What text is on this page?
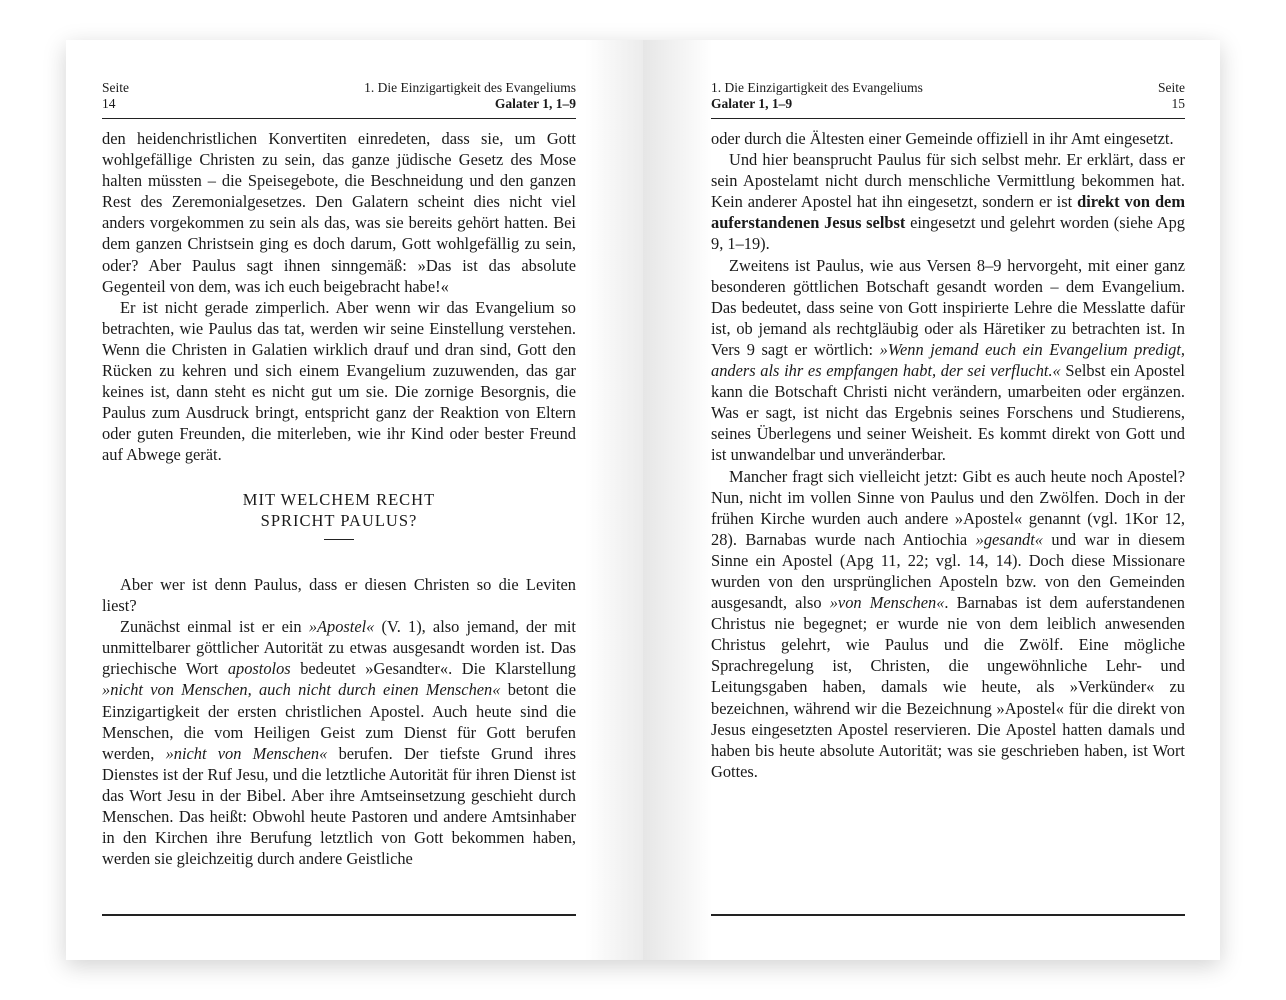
Seite
14
1. Die Einzigartigkeit des Evangeliums
Galater 1, 1–9

den heidenchristlichen Konvertiten einredeten, dass sie, um Gott wohlgefällige Christen zu sein, das ganze jüdische Gesetz des Mose halten müssten – die Speisegebote, die Beschneidung und den ganzen Rest des Zeremonialgesetzes. Den Galatern scheint dies nicht viel anders vorgekommen zu sein als das, was sie bereits gehört hatten. Bei dem ganzen Christsein ging es doch darum, Gott wohlgefällig zu sein, oder? Aber Paulus sagt ihnen sinngemäß: »Das ist das absolute Gegenteil von dem, was ich euch beigebracht habe!«

Er ist nicht gerade zimperlich. Aber wenn wir das Evangelium so betrachten, wie Paulus das tat, werden wir seine Einstellung verstehen. Wenn die Christen in Galatien wirklich drauf und dran sind, Gott den Rücken zu kehren und sich einem Evangelium zuzuwenden, das gar keines ist, dann steht es nicht gut um sie. Die zornige Besorgnis, die Paulus zum Ausdruck bringt, entspricht ganz der Reaktion von Eltern oder guten Freunden, die miterleben, wie ihr Kind oder bester Freund auf Abwege gerät.

MIT WELCHEM RECHT
SPRICHT PAULUS?

Aber wer ist denn Paulus, dass er diesen Christen so die Leviten liest?

Zunächst einmal ist er ein »Apostel« (V. 1), also jemand, der mit unmittelbarer göttlicher Autorität zu etwas ausgesandt worden ist. Das griechische Wort apostolos bedeutet »Gesandter«. Die Klarstellung »nicht von Menschen, auch nicht durch einen Menschen« betont die Einzigartigkeit der ersten christlichen Apostel. Auch heute sind die Menschen, die vom Heiligen Geist zum Dienst für Gott berufen werden, »nicht von Menschen« berufen. Der tiefste Grund ihres Dienstes ist der Ruf Jesu, und die letztliche Autorität für ihren Dienst ist das Wort Jesu in der Bibel. Aber ihre Amtseinsetzung geschieht durch Menschen. Das heißt: Obwohl heute Pastoren und andere Amtsinhaber in den Kirchen ihre Berufung letztlich von Gott bekommen haben, werden sie gleichzeitig durch andere Geistliche

1. Die Einzigartigkeit des Evangeliums
Galater 1, 1–9
Seite
15

oder durch die Ältesten einer Gemeinde offiziell in ihr Amt eingesetzt.

Und hier beansprucht Paulus für sich selbst mehr. Er erklärt, dass er sein Apostelamt nicht durch menschliche Vermittlung bekommen hat. Kein anderer Apostel hat ihn eingesetzt, sondern er ist direkt von dem auferstandenen Jesus selbst eingesetzt und gelehrt worden (siehe Apg 9, 1–19).

Zweitens ist Paulus, wie aus Versen 8–9 hervorgeht, mit einer ganz besonderen göttlichen Botschaft gesandt worden – dem Evangelium. Das bedeutet, dass seine von Gott inspirierte Lehre die Messlatte dafür ist, ob jemand als rechtgläubig oder als Häretiker zu betrachten ist. In Vers 9 sagt er wörtlich: »Wenn jemand euch ein Evangelium predigt, anders als ihr es empfangen habt, der sei verflucht.« Selbst ein Apostel kann die Botschaft Christi nicht verändern, umarbeiten oder ergänzen. Was er sagt, ist nicht das Ergebnis seines Forschens und Studierens, seines Überlegens und seiner Weisheit. Es kommt direkt von Gott und ist unwandelbar und unveränderbar.

Mancher fragt sich vielleicht jetzt: Gibt es auch heute noch Apostel? Nun, nicht im vollen Sinne von Paulus und den Zwölfen. Doch in der frühen Kirche wurden auch andere »Apostel« genannt (vgl. 1Kor 12, 28). Barnabas wurde nach Antiochia »gesandt« und war in diesem Sinne ein Apostel (Apg 11, 22; vgl. 14, 14). Doch diese Missionare wurden von den ursprünglichen Aposteln bzw. von den Gemeinden ausgesandt, also »von Menschen«. Barnabas ist dem auferstandenen Christus nie begegnet; er wurde nie von dem leiblich anwesenden Christus gelehrt, wie Paulus und die Zwölf. Eine mögliche Sprachregelung ist, Christen, die ungewöhnliche Lehr- und Leitungsgaben haben, damals wie heute, als »Verkünder« zu bezeichnen, während wir die Bezeichnung »Apostel« für die direkt von Jesus eingesetzten Apostel reservieren. Die Apostel hatten damals und haben bis heute absolute Autorität; was sie geschrieben haben, ist Wort Gottes.
